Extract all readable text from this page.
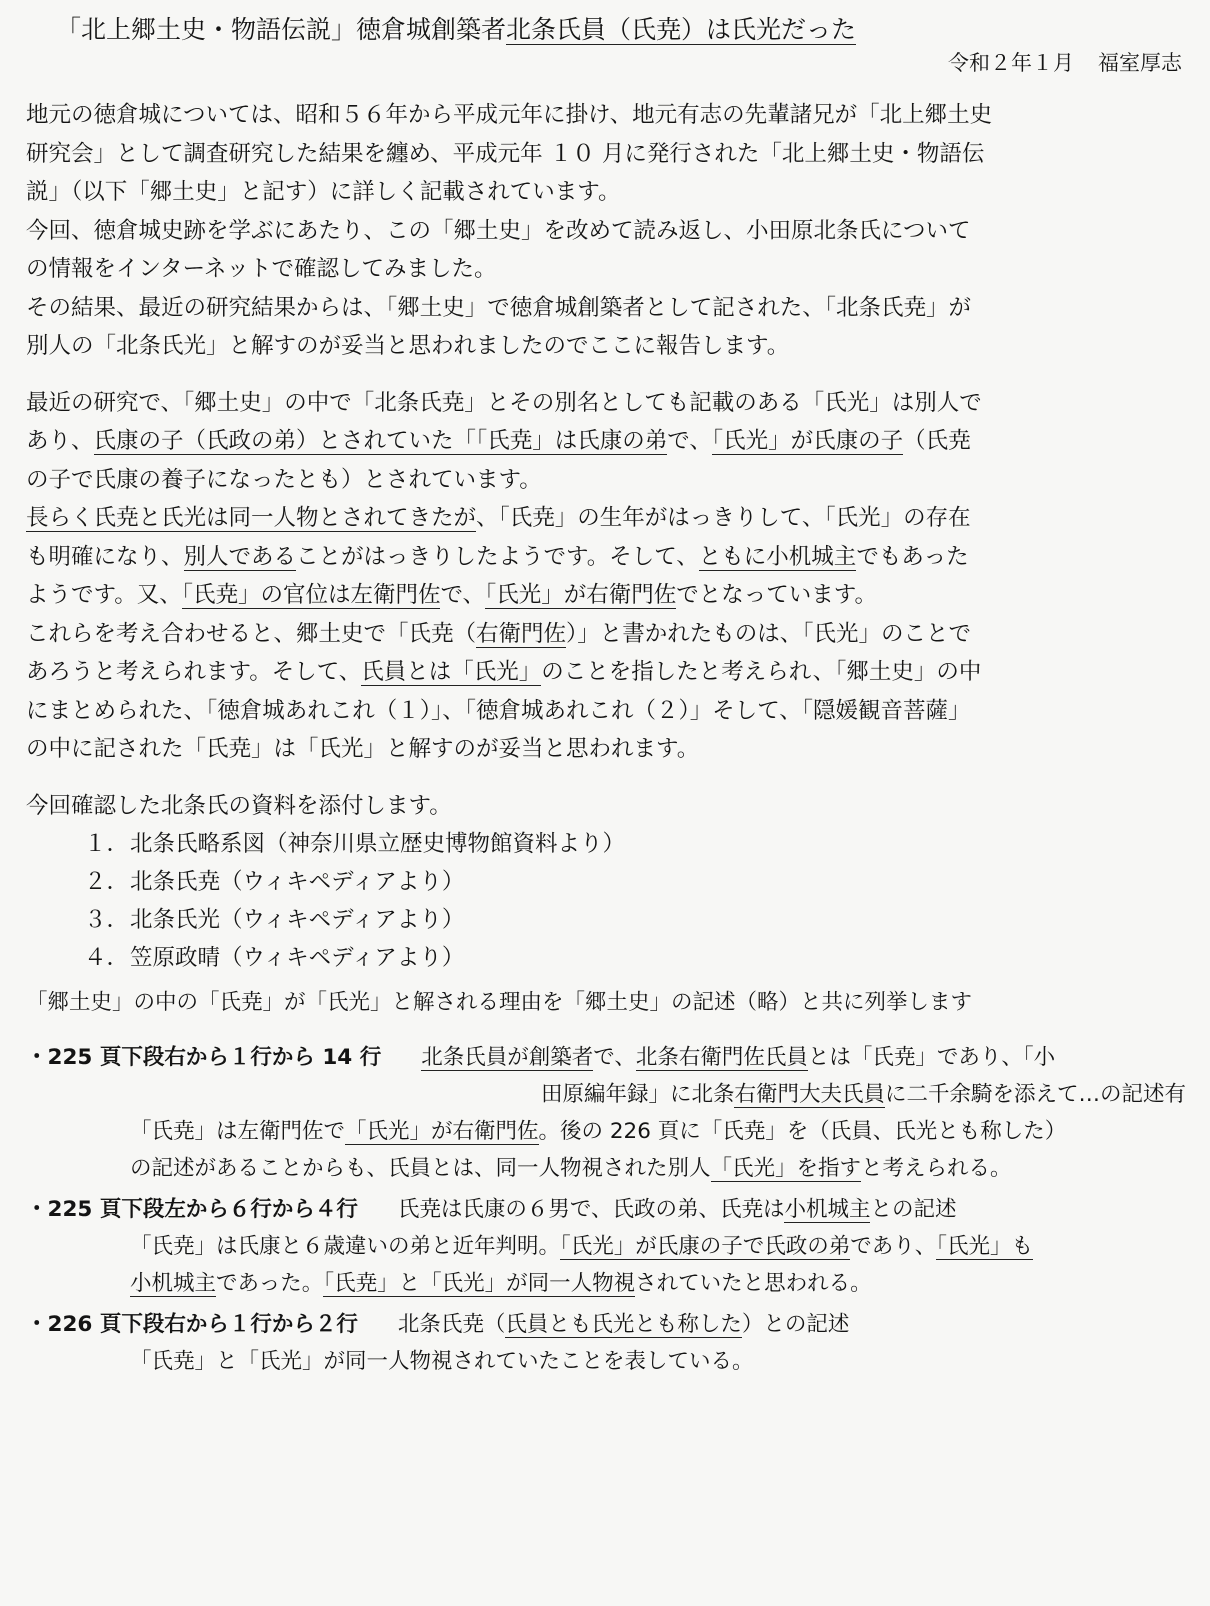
「北上郷土史・物語伝説」徳倉城創築者北条氏員（氏尭）は氏光だった
令和２年１月 福室厚志

地元の徳倉城については、昭和５６年から平成元年に掛け、地元有志の先輩諸兄が「北上郷土史

研究会」として調査研究した結果を纏め、平成元年 １０ 月に発行された「北上郷土史・物語伝

説」（以下「郷土史」と記す）に詳しく記載されています。

今回、徳倉城史跡を学ぶにあたり、この「郷土史」を改めて読み返し、小田原北条氏について

の情報をインターネットで確認してみました。

その結果、最近の研究結果からは、「郷土史」で徳倉城創築者として記された、「北条氏尭」が

別人の「北条氏光」と解すのが妥当と思われましたのでここに報告します。

最近の研究で、「郷土史」の中で「北条氏尭」とその別名としても記載のある「氏光」は別人で

あり、氏康の子（氏政の弟）とされていた「「氏尭」は氏康の弟で、「氏光」が氏康の子（氏尭

の子で氏康の養子になったとも）とされています。

長らく氏尭と氏光は同一人物とされてきたが、「氏尭」の生年がはっきりして、「氏光」の存在

も明確になり、別人であることがはっきりしたようです。そして、ともに小机城主でもあった

ようです。又、「氏尭」の官位は左衛門佐で、「氏光」が右衛門佐でとなっています。

これらを考え合わせると、郷土史で「氏尭（右衛門佐）」と書かれたものは、「氏光」のことで

あろうと考えられます。そして、氏員とは「氏光」のことを指したと考えられ、「郷土史」の中

にまとめられた、「徳倉城あれこれ（１）」、「徳倉城あれこれ（２）」そして、「隠媛観音菩薩」

の中に記された「氏尭」は「氏光」と解すのが妥当と思われます。

今回確認した北条氏の資料を添付します。

１．北条氏略系図（神奈川県立歴史博物館資料より）
２．北条氏尭（ウィキペディアより）
３．北条氏光（ウィキペディアより）
４．笠原政晴（ウィキペディアより）

「郷土史」の中の「氏尭」が「氏光」と解される理由を「郷土史」の記述（略）と共に列挙します

・225 頁下段右から１行から 14 行 北条氏員が創築者で、北条右衛門佐氏員とは「氏尭」であり、「小
田原編年録」に北条右衛門大夫氏員に二千余騎を添えて…の記述有
「氏尭」は左衛門佐で「氏光」が右衛門佐。後の 226 頁に「氏尭」を（氏員、氏光とも称した）
の記述があることからも、氏員とは、同一人物視された別人「氏光」を指すと考えられる。
・225 頁下段左から６行から４行 氏尭は氏康の６男で、氏政の弟、氏尭は小机城主との記述
「氏尭」は氏康と６歳違いの弟と近年判明。「氏光」が氏康の子で氏政の弟であり、「氏光」も
小机城主であった。「氏尭」と「氏光」が同一人物視されていたと思われる。
・226 頁下段右から１行から２行 北条氏尭（氏員とも氏光とも称した）との記述
「氏尭」と「氏光」が同一人物視されていたことを表している。
